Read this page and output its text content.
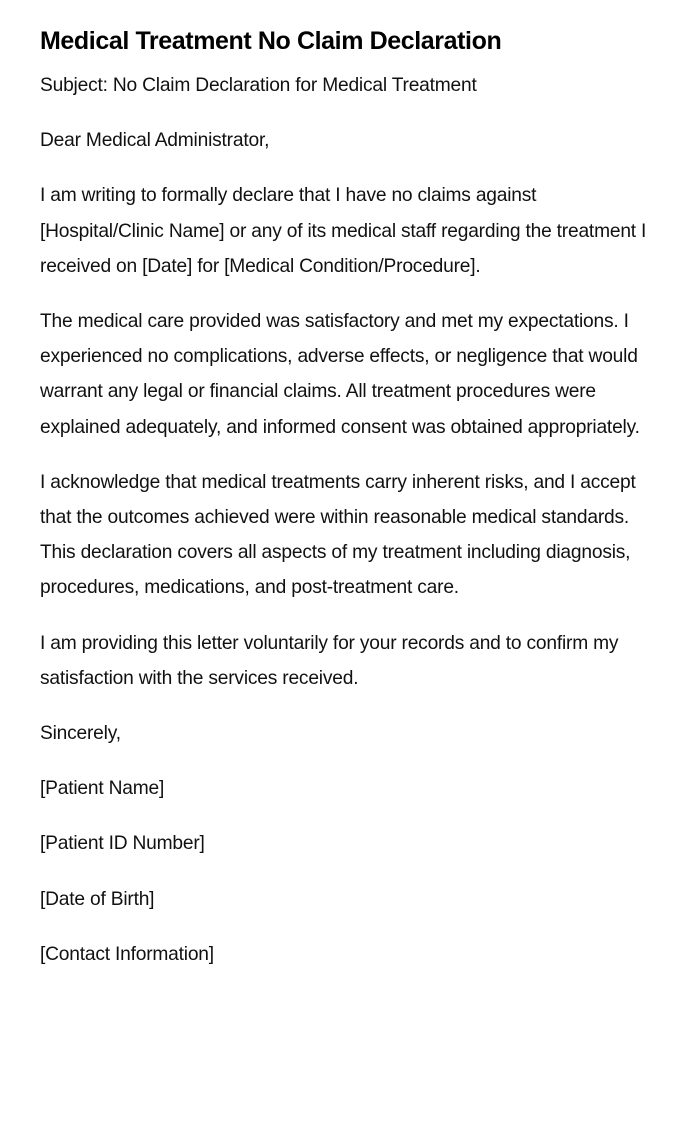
Medical Treatment No Claim Declaration

Subject: No Claim Declaration for Medical Treatment

Dear Medical Administrator,

I am writing to formally declare that I have no claims against [Hospital/Clinic Name] or any of its medical staff regarding the treatment I received on [Date] for [Medical Condition/Procedure].

The medical care provided was satisfactory and met my expectations. I experienced no complications, adverse effects, or negligence that would warrant any legal or financial claims. All treatment procedures were explained adequately, and informed consent was obtained appropriately.

I acknowledge that medical treatments carry inherent risks, and I accept that the outcomes achieved were within reasonable medical standards. This declaration covers all aspects of my treatment including diagnosis, procedures, medications, and post-treatment care.

I am providing this letter voluntarily for your records and to confirm my satisfaction with the services received.

Sincerely,

[Patient Name]

[Patient ID Number]

[Date of Birth]

[Contact Information]
